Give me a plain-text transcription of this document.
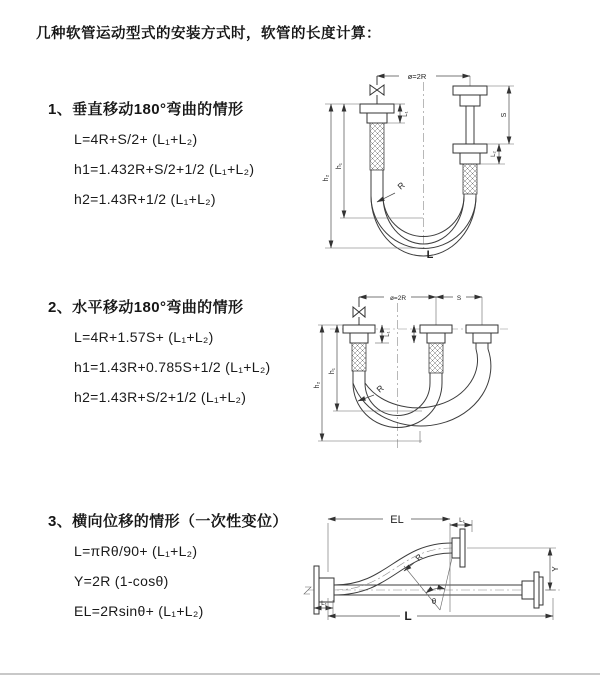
几种软管运动型式的安装方式时，软管的长度计算：
1、垂直移动180°弯曲的情形

L=4R+S/2+ (L₁+L₂)

h1=1.432R+S/2+1/2 (L₁+L₂)

h2=1.43R+1/2 (L₁+L₂)

2、水平移动180°弯曲的情形

L=4R+1.57S+ (L₁+L₂)

h1=1.43R+0.785S+1/2 (L₁+L₂)

h2=1.43R+S/2+1/2 (L₁+L₂)

3、横向位移的情形（一次性变位）

L=πRθ/90+ (L₁+L₂)

Y=2R (1-cosθ)

EL=2Rsinθ+ (L₁+L₂)

ø=2R
h₂
h₁
L₁	S
L₂
R
L
ø=2R	S
h₂
h₁
L₁
R
EL	L₁
Y
R
θ
L₁
L
